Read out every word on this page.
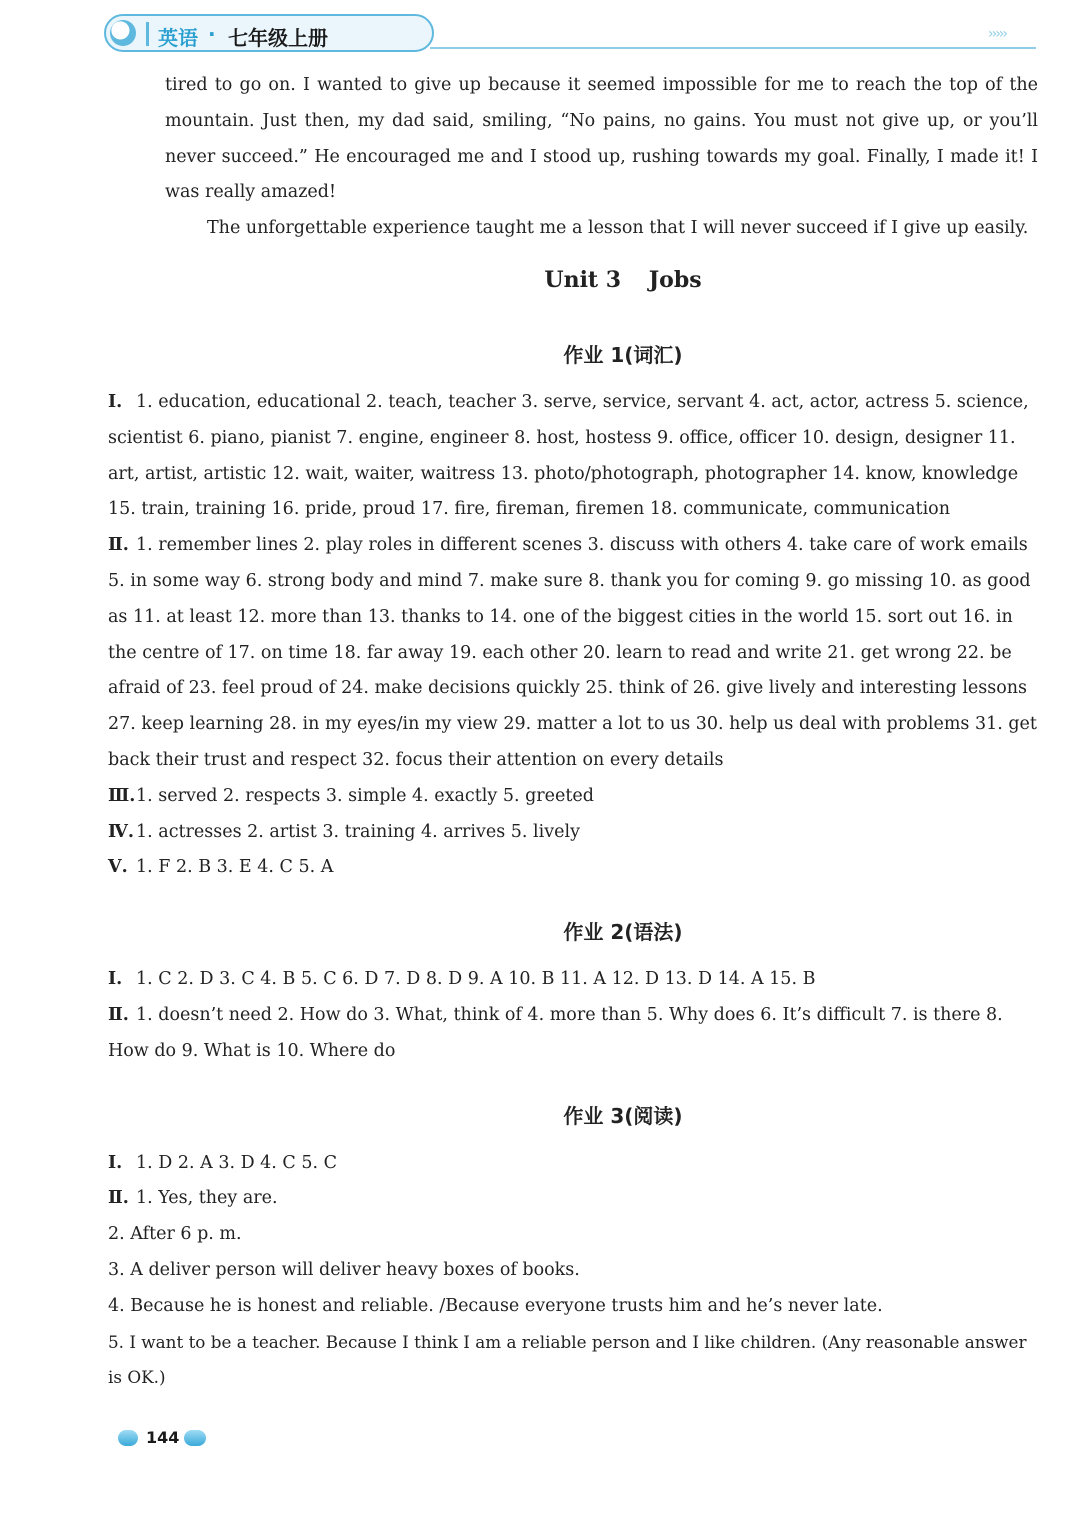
英语 · 七年级上册	›››››

tired to go on. I wanted to give up because it seemed impossible for me to reach the top of the mountain. Just then, my dad said, smiling, “No pains, no gains. You must not give up, or you’ll never succeed.” He encouraged me and I stood up, rushing towards my goal. Finally, I made it! I was really amazed!

The unforgettable experience taught me a lesson that I will never succeed if I give up easily.

Unit 3 Jobs
作业 1(词汇)

Ⅰ. 1. education, educational 2. teach, teacher 3. serve, service, servant 4. act, actor, actress 5. science, scientist 6. piano, pianist 7. engine, engineer 8. host, hostess 9. office, officer 10. design, designer 11. art, artist, artistic 12. wait, waiter, waitress 13. photo/photograph, photographer 14. know, knowledge 15. train, training 16. pride, proud 17. fire, fireman, firemen 18. communicate, communication

Ⅱ. 1. remember lines 2. play roles in different scenes 3. discuss with others 4. take care of work emails 5. in some way 6. strong body and mind 7. make sure 8. thank you for coming 9. go missing 10. as good as 11. at least 12. more than 13. thanks to 14. one of the biggest cities in the world 15. sort out 16. in the centre of 17. on time 18. far away 19. each other 20. learn to read and write 21. get wrong 22. be afraid of 23. feel proud of 24. make decisions quickly 25. think of 26. give lively and interesting lessons 27. keep learning 28. in my eyes/in my view 29. matter a lot to us 30. help us deal with problems 31. get back their trust and respect 32. focus their attention on every details

Ⅲ.1. served 2. respects 3. simple 4. exactly 5. greeted

Ⅳ. 1. actresses 2. artist 3. training 4. arrives 5. lively

Ⅴ. 1. F 2. B 3. E 4. C 5. A

作业 2(语法)

Ⅰ. 1. C 2. D 3. C 4. B 5. C 6. D 7. D 8. D 9. A 10. B 11. A 12. D 13. D 14. A 15. B

Ⅱ. 1. doesn’t need 2. How do 3. What, think of 4. more than 5. Why does 6. It’s difficult 7. is there 8. How do 9. What is 10. Where do

作业 3(阅读)

Ⅰ. 1. D 2. A 3. D 4. C 5. C

Ⅱ. 1. Yes, they are.

2. After 6 p. m.

3. A deliver person will deliver heavy boxes of books.

4. Because he is honest and reliable. /Because everyone trusts him and he’s never late.

5. I want to be a teacher. Because I think I am a reliable person and I like children. (Any reasonable answer is OK.)

144
